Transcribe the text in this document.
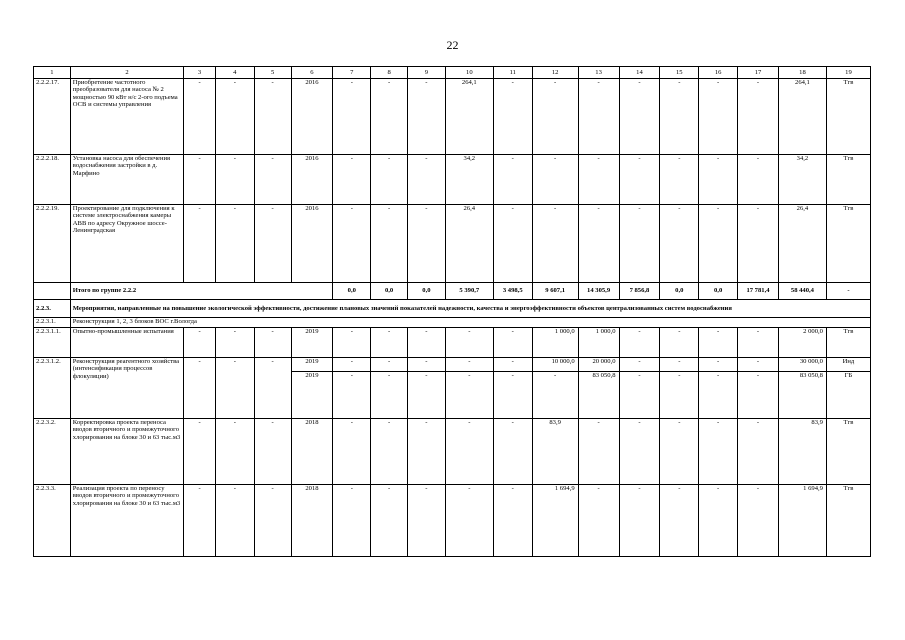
22
1	2	3	4	5	6	7	8	9	10	11	12	13	14	15	16	17	18	19
2.2.2.17.	Приобретение частотного преобразователя для насоса № 2 мощностью 90 кВт н/с 2-ого подъема ОСВ и системы управления	-	-	-	2016	-	-	-	264,1	-	-	-	-	-	-	-	264,1	Тгв
2.2.2.18.	Установка насоса для обеспечения водоснабжения застройки в д. Марфино	-	-	-	2016	-	-	-	34,2	-	-	-	-	-	-	-	34,2	Тгв
2.2.2.19.	Проектирование для подключения к системе электроснабжения камеры АВВ по адресу Окружное шоссе-Ленинградская	-	-	-	2016	-	-	-	26,4	-	-	-	-	-	-	-	26,4	Тгв
	Итого по группе 2.2.2					0,0	0,0	0,0	5 390,7	3 498,5	9 607,1	14 305,9	7 856,8	0,0	0,0	17 781,4	58 440,4	-
2.2.3.	Мероприятия, направленные на повышение экологической эффективности, достижение плановых значений показателей надежности, качества и энергоэффективности объектов централизованных систем водоснабжения																	
2.2.3.1.	Реконструкция 1, 2, 3 блоков ВОС г.Вологда																	
2.2.3.1.1.	Опытно-промышленные испытания	-	-	-	2019	-	-	-	-	-	1 000,0	1 000,0	-	-	-	-	2 000,0	Тгв
2.2.3.1.2.	Реконструкция реагентного хозяйства (интенсификация процессов флокуляции)	-	-	-	2019	-	-	-	-	-	10 000,0	20 000,0	-	-	-	-	30 000,0	Инд
					2019	-	-	-	-	-	-	83 050,8	-	-	-	-	83 050,8	ГБ
2.2.3.2.	Корректировка проекта переноса вводов вторичного и промежуточного хлорирования на блоке 30 и 63 тыс.м3	-	-	-	2018	-	-	-	-	-	83,9	-	-	-	-	-	83,9	Тгв
2.2.3.3.	Реализация проекта по переносу вводов вторичного и промежуточного хлорирования на блоке 30 и 63 тыс.м3	-	-	-	2018	-	-	-	-	-	1 694,9	-	-	-	-	-	1 694,9	Тгв
